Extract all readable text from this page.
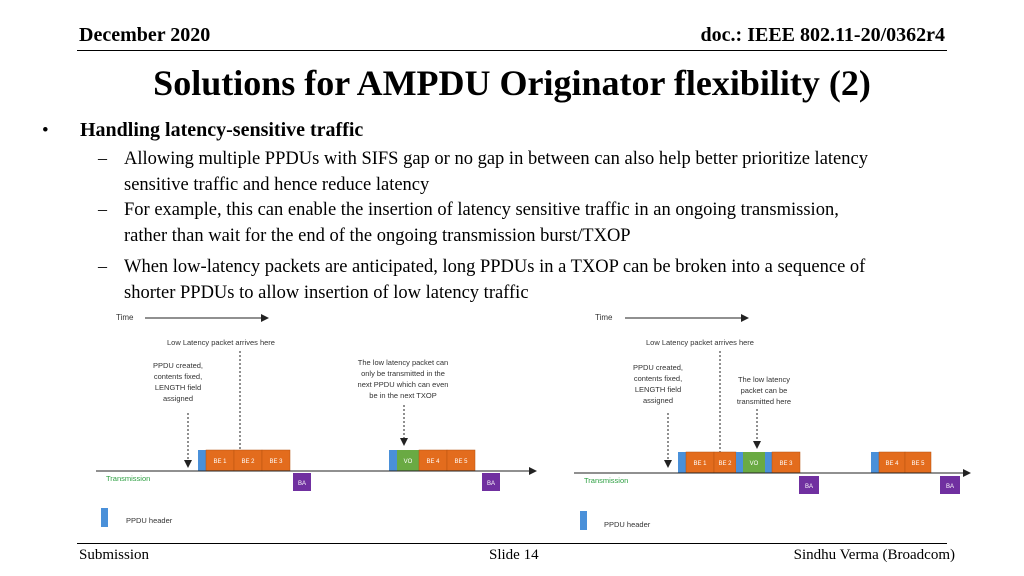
December 2020	doc.: IEEE 802.11-20/0362r4
Solutions for AMPDU Originator flexibility (2)
• Handling latency-sensitive traffic
– Allowing multiple PPDUs with SIFS gap or no gap in between can also help better prioritize latency
sensitive traffic and hence reduce latency
– For example, this can enable the insertion of latency sensitive traffic in an ongoing transmission,
rather than wait for the end of the ongoing transmission burst/TXOP
– When low-latency packets are anticipated, long PPDUs in a TXOP can be broken into a sequence of
shorter PPDUs to allow insertion of low latency traffic
Time
Low Latency packet arrives here
PPDU created,
contents fixed,
LENGTH field
assigned
The low latency packet can
only be transmitted in the
next PPDU which can even
be in the next TXOP
BE 1 BE 2 BE 3	VO BE 4 BE 5
Transmission
BA	BA
PPDU header
Time
Low Latency packet arrives here
PPDU created,
contents fixed,
LENGTH field
assigned
The low latency
packet can be
transmitted here
BE 1 BE 2	VO	BE 3	BE 4 BE 5
Transmission
BA	BA
PPDU header
Submission	Slide 14	Sindhu Verma (Broadcom)
